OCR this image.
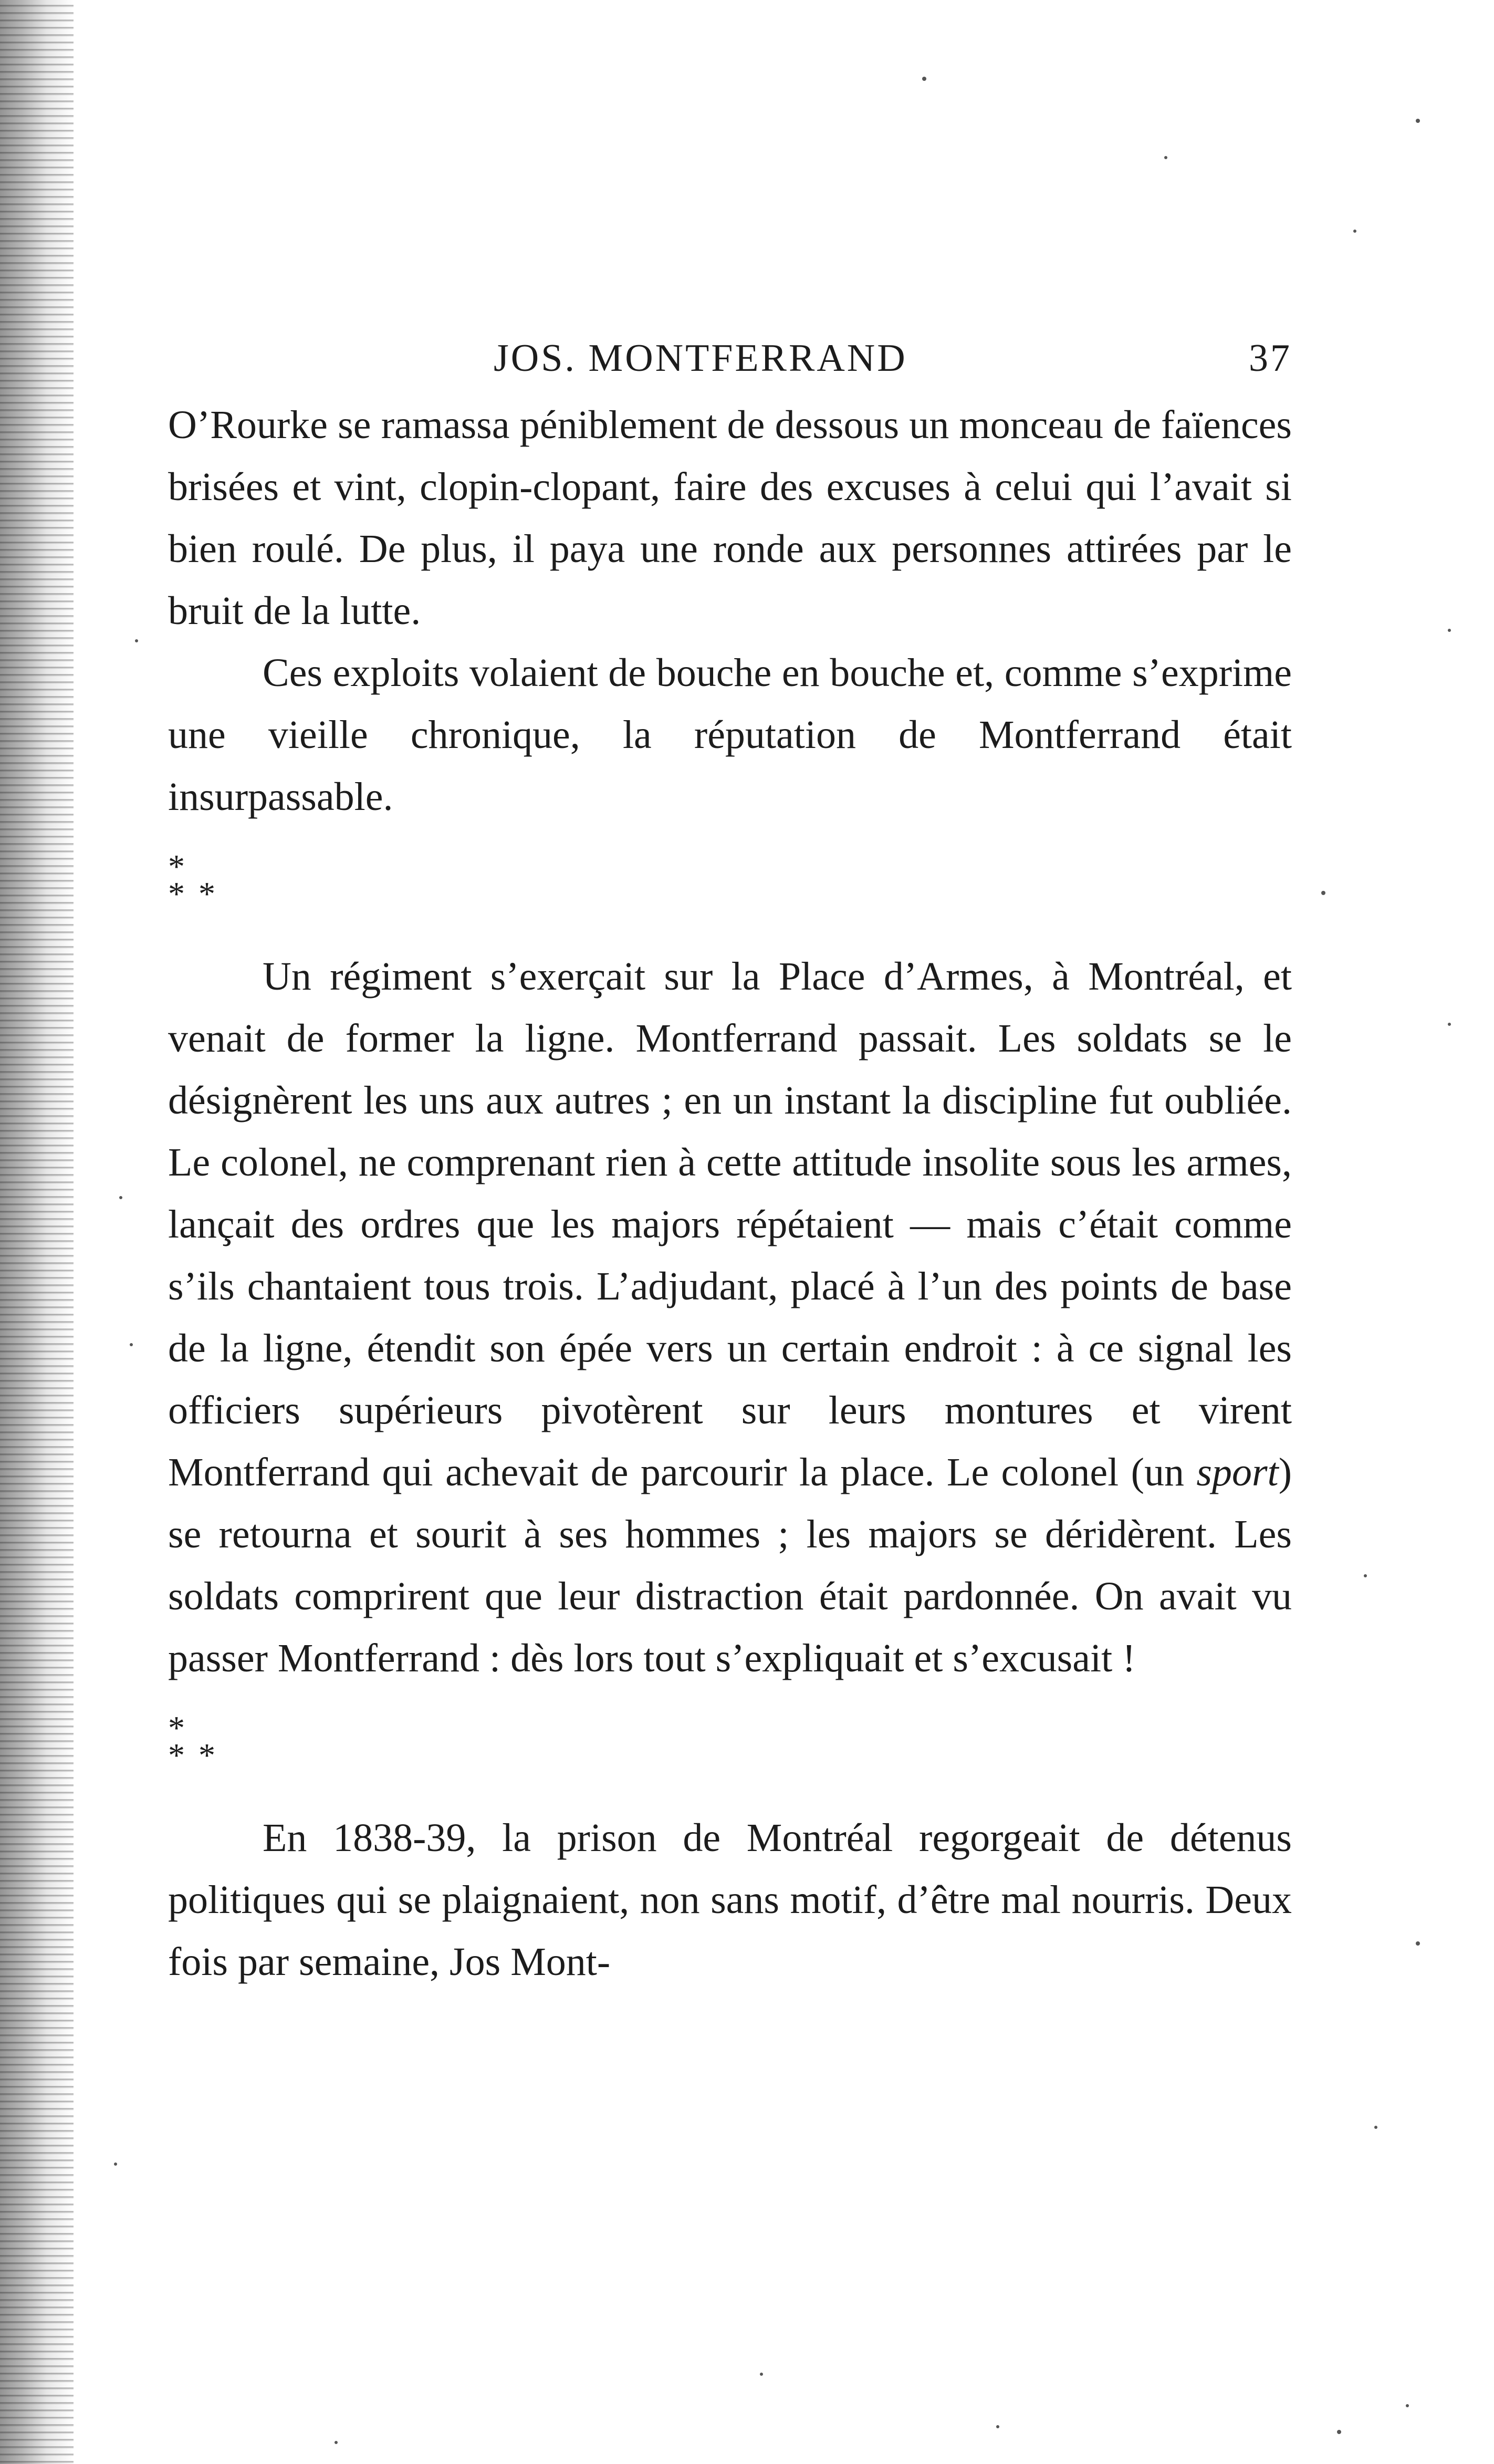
JOS. MONTFERRAND	37

O’Rourke se ramassa péniblement de dessous un monceau de faïences brisées et vint, clopin-clopant, faire des excuses à celui qui l’avait si bien roulé. De plus, il paya une ronde aux personnes attirées par le bruit de la lutte.

Ces exploits volaient de bouche en bouche et, comme s’exprime une vieille chronique, la réputation de Montferrand était insurpassable.

*
**

Un régiment s’exerçait sur la Place d’Armes, à Montréal, et venait de former la ligne. Montferrand passait. Les soldats se le désignèrent les uns aux autres ; en un instant la discipline fut oubliée. Le colonel, ne comprenant rien à cette attitude insolite sous les armes, lançait des ordres que les majors répétaient — mais c’était comme s’ils chantaient tous trois. L’adjudant, placé à l’un des points de base de la ligne, étendit son épée vers un certain endroit : à ce signal les officiers supérieurs pivotèrent sur leurs montures et virent Montferrand qui achevait de parcourir la place. Le colonel (un sport) se retourna et sourit à ses hommes ; les majors se déridèrent. Les soldats comprirent que leur distraction était pardonnée. On avait vu passer Montferrand : dès lors tout s’expliquait et s’excusait !

*
**

En 1838-39, la prison de Montréal regorgeait de détenus politiques qui se plaignaient, non sans motif, d’être mal nourris. Deux fois par semaine, Jos Mont-
